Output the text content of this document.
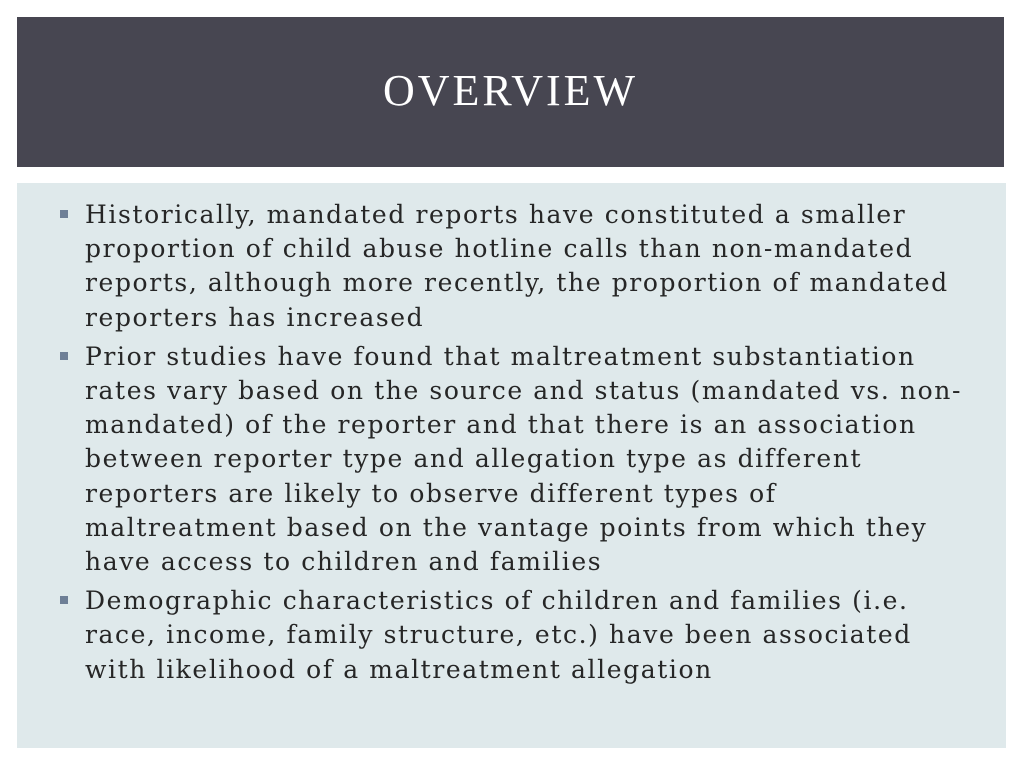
OVERVIEW
Historically, mandated reports have constituted a smaller proportion of child abuse hotline calls than non-mandated reports, although more recently, the proportion of mandated reporters has increased
Prior studies have found that maltreatment substantiation rates vary based on the source and status (mandated vs. non-mandated) of the reporter and that there is an association between reporter type and allegation type as different reporters are likely to observe different types of maltreatment based on the vantage points from which they have access to children and families
Demographic characteristics of children and families (i.e. race, income, family structure, etc.) have been associated with likelihood of a maltreatment allegation
